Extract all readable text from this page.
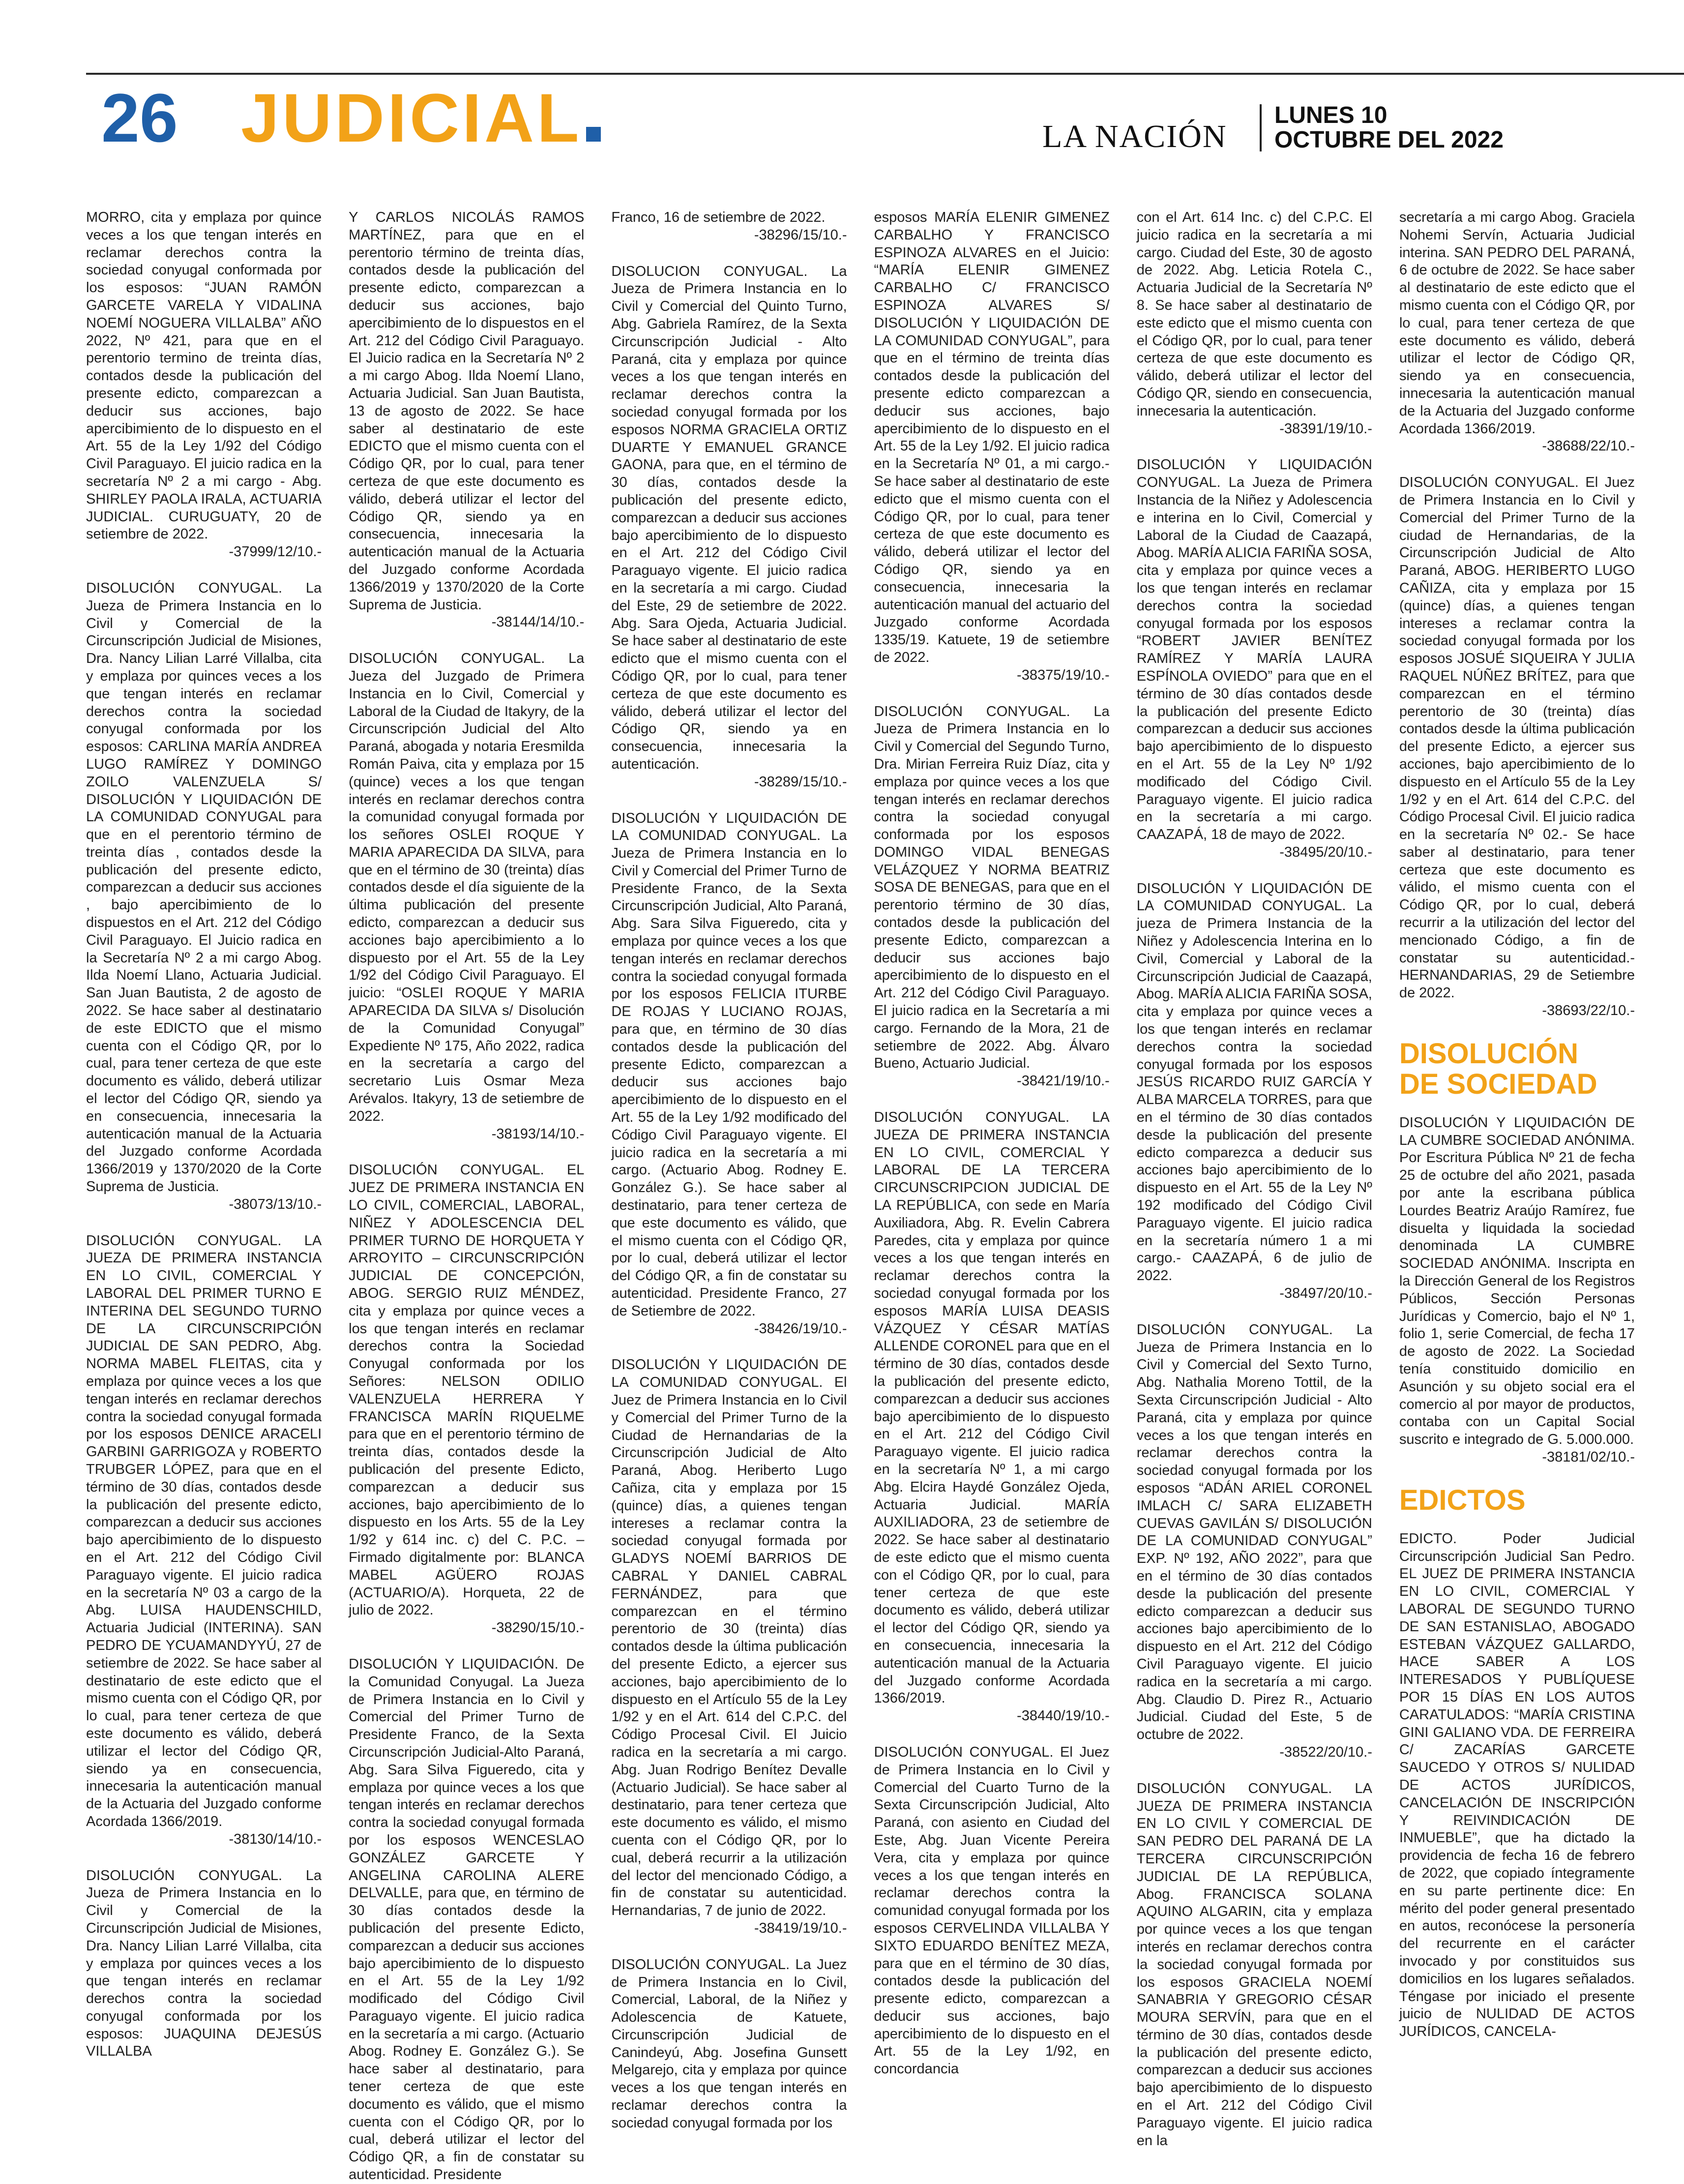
26 JUDICIAL	LA NACIÓN
LUNES 10
OCTUBRE DEL 2022

MORRO, cita y emplaza por quince veces a los que tengan interés en reclamar derechos contra la sociedad conyugal conformada por los esposos: “JUAN RAMÓN GARCETE VARELA Y VIDALINA NOEMÍ NOGUERA VILLALBA” AÑO 2022, Nº 421, para que en el perentorio termino de treinta días, contados desde la publicación del presente edicto, comparezcan a deducir sus acciones, bajo apercibimiento de lo dispuesto en el Art. 55 de la Ley 1/92 del Código Civil Paraguayo. El juicio radica en la secretaría Nº 2 a mi cargo - Abg. SHIRLEY PAOLA IRALA, ACTUARIA JUDICIAL. CURUGUATY, 20 de setiembre de 2022.

-37999/12/10.-

DISOLUCIÓN CONYUGAL. La Jueza de Primera Instancia en lo Civil y Comercial de la Circunscripción Judicial de Misiones, Dra. Nancy Lilian Larré Villalba, cita y emplaza por quinces veces a los que tengan interés en reclamar derechos contra la sociedad conyugal conformada por los esposos: CARLINA MARÍA ANDREA LUGO RAMÍREZ Y DOMINGO ZOILO VALENZUELA S/ DISOLUCIÓN Y LIQUIDACIÓN DE LA COMUNIDAD CONYUGAL para que en el perentorio término de treinta días , contados desde la publicación del presente edicto, comparezcan a deducir sus acciones , bajo apercibimiento de lo dispuestos en el Art. 212 del Código Civil Paraguayo. El Juicio radica en la Secretaría Nº 2 a mi cargo Abog. Ilda Noemí Llano, Actuaria Judicial. San Juan Bautista, 2 de agosto de 2022. Se hace saber al destinatario de este EDICTO que el mismo cuenta con el Código QR, por lo cual, para tener certeza de que este documento es válido, deberá utilizar el lector del Código QR, siendo ya en consecuencia, innecesaria la autenticación manual de la Actuaria del Juzgado conforme Acordada 1366/2019 y 1370/2020 de la Corte Suprema de Justicia.

-38073/13/10.-

DISOLUCIÓN CONYUGAL. LA JUEZA DE PRIMERA INSTANCIA EN LO CIVIL, COMERCIAL Y LABORAL DEL PRIMER TURNO E INTERINA DEL SEGUNDO TURNO DE LA CIRCUNSCRIPCIÓN JUDICIAL DE SAN PEDRO, Abg. NORMA MABEL FLEITAS, cita y emplaza por quince veces a los que tengan interés en reclamar derechos contra la sociedad conyugal formada por los esposos DENICE ARACELI GARBINI GARRIGOZA y ROBERTO TRUBGER LÓPEZ, para que en el término de 30 días, contados desde la publicación del presente edicto, comparezcan a deducir sus acciones bajo apercibimiento de lo dispuesto en el Art. 212 del Código Civil Paraguayo vigente. El juicio radica en la secretaría Nº 03 a cargo de la Abg. LUISA HAUDENSCHILD, Actuaria Judicial (INTERINA). SAN PEDRO DE YCUAMANDYYÚ, 27 de setiembre de 2022. Se hace saber al destinatario de este edicto que el mismo cuenta con el Código QR, por lo cual, para tener certeza de que este documento es válido, deberá utilizar el lector del Código QR, siendo ya en consecuencia, innecesaria la autenticación manual de la Actuaria del Juzgado conforme Acordada 1366/2019.

-38130/14/10.-

DISOLUCIÓN CONYUGAL. La Jueza de Primera Instancia en lo Civil y Comercial de la Circunscripción Judicial de Misiones, Dra. Nancy Lilian Larré Villalba, cita y emplaza por quinces veces a los que tengan interés en reclamar derechos contra la sociedad conyugal conformada por los esposos: JUAQUINA DEJESÚS VILLALBA

Y CARLOS NICOLÁS RAMOS MARTÍNEZ, para que en el perentorio término de treinta días, contados desde la publicación del presente edicto, comparezcan a deducir sus acciones, bajo apercibimiento de lo dispuestos en el Art. 212 del Código Civil Paraguayo. El Juicio radica en la Secretaría Nº 2 a mi cargo Abog. Ilda Noemí Llano, Actuaria Judicial. San Juan Bautista, 13 de agosto de 2022. Se hace saber al destinatario de este EDICTO que el mismo cuenta con el Código QR, por lo cual, para tener certeza de que este documento es válido, deberá utilizar el lector del Código QR, siendo ya en consecuencia, innecesaria la autenticación manual de la Actuaria del Juzgado conforme Acordada 1366/2019 y 1370/2020 de la Corte Suprema de Justicia.

-38144/14/10.-

DISOLUCIÓN CONYUGAL. La Jueza del Juzgado de Primera Instancia en lo Civil, Comercial y Laboral de la Ciudad de Itakyry, de la Circunscripción Judicial del Alto Paraná, abogada y notaria Eresmilda Román Paiva, cita y emplaza por 15 (quince) veces a los que tengan interés en reclamar derechos contra la comunidad conyugal formada por los señores OSLEI ROQUE Y MARIA APARECIDA DA SILVA, para que en el término de 30 (treinta) días contados desde el día siguiente de la última publicación del presente edicto, comparezcan a deducir sus acciones bajo apercibimiento a lo dispuesto por el Art. 55 de la Ley 1/92 del Código Civil Paraguayo. El juicio: “OSLEI ROQUE Y MARIA APARECIDA DA SILVA s/ Disolución de la Comunidad Conyugal” Expediente Nº 175, Año 2022, radica en la secretaría a cargo del secretario Luis Osmar Meza Arévalos. Itakyry, 13 de setiembre de 2022.

-38193/14/10.-

DISOLUCIÓN CONYUGAL. EL JUEZ DE PRIMERA INSTANCIA EN LO CIVIL, COMERCIAL, LABORAL, NIÑEZ Y ADOLESCENCIA DEL PRIMER TURNO DE HORQUETA Y ARROYITO – CIRCUNSCRIPCIÓN JUDICIAL DE CONCEPCIÓN, ABOG. SERGIO RUIZ MÉNDEZ, cita y emplaza por quince veces a los que tengan interés en reclamar derechos contra la Sociedad Conyugal conformada por los Señores: NELSON ODILIO VALENZUELA HERRERA Y FRANCISCA MARÍN RIQUELME para que en el perentorio término de treinta días, contados desde la publicación del presente Edicto, comparezcan a deducir sus acciones, bajo apercibimiento de lo dispuesto en los Arts. 55 de la Ley 1/92 y 614 inc. c) del C. P.C. – Firmado digitalmente por: BLANCA MABEL AGÜERO ROJAS (ACTUARIO/A). Horqueta, 22 de julio de 2022.

-38290/15/10.-

DISOLUCIÓN Y LIQUIDACIÓN. De la Comunidad Conyugal. La Jueza de Primera Instancia en lo Civil y Comercial del Primer Turno de Presidente Franco, de la Sexta Circunscripción Judicial-Alto Paraná, Abg. Sara Silva Figueredo, cita y emplaza por quince veces a los que tengan interés en reclamar derechos contra la sociedad conyugal formada por los esposos WENCESLAO GONZÁLEZ GARCETE Y ANGELINA CAROLINA ALERE DELVALLE, para que, en término de 30 días contados desde la publicación del presente Edicto, comparezcan a deducir sus acciones bajo apercibimiento de lo dispuesto en el Art. 55 de la Ley 1/92 modificado del Código Civil Paraguayo vigente. El juicio radica en la secretaría a mi cargo. (Actuario Abog. Rodney E. González G.). Se hace saber al destinatario, para tener certeza de que este documento es válido, que el mismo cuenta con el Código QR, por lo cual, deberá utilizar el lector del Código QR, a fin de constatar su autenticidad. Presidente

Franco, 16 de setiembre de 2022.

-38296/15/10.-

DISOLUCION CONYUGAL. La Jueza de Primera Instancia en lo Civil y Comercial del Quinto Turno, Abg. Gabriela Ramírez, de la Sexta Circunscripción Judicial - Alto Paraná, cita y emplaza por quince veces a los que tengan interés en reclamar derechos contra la sociedad conyugal formada por los esposos NORMA GRACIELA ORTIZ DUARTE Y EMANUEL GRANCE GAONA, para que, en el término de 30 días, contados desde la publicación del presente edicto, comparezcan a deducir sus acciones bajo apercibimiento de lo dispuesto en el Art. 212 del Código Civil Paraguayo vigente. El juicio radica en la secretaría a mi cargo. Ciudad del Este, 29 de setiembre de 2022. Abg. Sara Ojeda, Actuaria Judicial. Se hace saber al destinatario de este edicto que el mismo cuenta con el Código QR, por lo cual, para tener certeza de que este documento es válido, deberá utilizar el lector del Código QR, siendo ya en consecuencia, innecesaria la autenticación.

-38289/15/10.-

DISOLUCIÓN Y LIQUIDACIÓN DE LA COMUNIDAD CONYUGAL. La Jueza de Primera Instancia en lo Civil y Comercial del Primer Turno de Presidente Franco, de la Sexta Circunscripción Judicial, Alto Paraná, Abg. Sara Silva Figueredo, cita y emplaza por quince veces a los que tengan interés en reclamar derechos contra la sociedad conyugal formada por los esposos FELICIA ITURBE DE ROJAS Y LUCIANO ROJAS, para que, en término de 30 días contados desde la publicación del presente Edicto, comparezcan a deducir sus acciones bajo apercibimiento de lo dispuesto en el Art. 55 de la Ley 1/92 modificado del Código Civil Paraguayo vigente. El juicio radica en la secretaría a mi cargo. (Actuario Abog. Rodney E. González G.). Se hace saber al destinatario, para tener certeza de que este documento es válido, que el mismo cuenta con el Código QR, por lo cual, deberá utilizar el lector del Código QR, a fin de constatar su autenticidad. Presidente Franco, 27 de Setiembre de 2022.

-38426/19/10.-

DISOLUCIÓN Y LIQUIDACIÓN DE LA COMUNIDAD CONYUGAL. El Juez de Primera Instancia en lo Civil y Comercial del Primer Turno de la Ciudad de Hernandarias de la Circunscripción Judicial de Alto Paraná, Abog. Heriberto Lugo Cañiza, cita y emplaza por 15 (quince) días, a quienes tengan intereses a reclamar contra la sociedad conyugal formada por GLADYS NOEMÍ BARRIOS DE CABRAL Y DANIEL CABRAL FERNÁNDEZ, para que comparezcan en el término perentorio de 30 (treinta) días contados desde la última publicación del presente Edicto, a ejercer sus acciones, bajo apercibimiento de lo dispuesto en el Artículo 55 de la Ley 1/92 y en el Art. 614 del C.P.C. del Código Procesal Civil. El Juicio radica en la secretaría a mi cargo. Abg. Juan Rodrigo Benítez Devalle (Actuario Judicial). Se hace saber al destinatario, para tener certeza que este documento es válido, el mismo cuenta con el Código QR, por lo cual, deberá recurrir a la utilización del lector del mencionado Código, a fin de constatar su autenticidad. Hernandarias, 7 de junio de 2022.

-38419/19/10.-

DISOLUCIÓN CONYUGAL. La Juez de Primera Instancia en lo Civil, Comercial, Laboral, de la Niñez y Adolescencia de Katuete, Circunscripción Judicial de Canindeyú, Abg. Josefina Gunsett Melgarejo, cita y emplaza por quince veces a los que tengan interés en reclamar derechos contra la sociedad conyugal formada por los

esposos MARÍA ELENIR GIMENEZ CARBALHO Y FRANCISCO ESPINOZA ALVARES en el Juicio: “MARÍA ELENIR GIMENEZ CARBALHO C/ FRANCISCO ESPINOZA ALVARES S/ DISOLUCIÓN Y LIQUIDACIÓN DE LA COMUNIDAD CONYUGAL”, para que en el término de treinta días contados desde la publicación del presente edicto comparezcan a deducir sus acciones, bajo apercibimiento de lo dispuesto en el Art. 55 de la Ley 1/92. El juicio radica en la Secretaría Nº 01, a mi cargo.- Se hace saber al destinatario de este edicto que el mismo cuenta con el Código QR, por lo cual, para tener certeza de que este documento es válido, deberá utilizar el lector del Código QR, siendo ya en consecuencia, innecesaria la autenticación manual del actuario del Juzgado conforme Acordada 1335/19. Katuete, 19 de setiembre de 2022.

-38375/19/10.-

DISOLUCIÓN CONYUGAL. La Jueza de Primera Instancia en lo Civil y Comercial del Segundo Turno, Dra. Mirian Ferreira Ruiz Díaz, cita y emplaza por quince veces a los que tengan interés en reclamar derechos contra la sociedad conyugal conformada por los esposos DOMINGO VIDAL BENEGAS VELÁZQUEZ Y NORMA BEATRIZ SOSA DE BENEGAS, para que en el perentorio término de 30 días, contados desde la publicación del presente Edicto, comparezcan a deducir sus acciones bajo apercibimiento de lo dispuesto en el Art. 212 del Código Civil Paraguayo. El juicio radica en la Secretaría a mi cargo. Fernando de la Mora, 21 de setiembre de 2022. Abg. Álvaro Bueno, Actuario Judicial.

-38421/19/10.-

DISOLUCIÓN CONYUGAL. LA JUEZA DE PRIMERA INSTANCIA EN LO CIVIL, COMERCIAL Y LABORAL DE LA TERCERA CIRCUNSCRIPCION JUDICIAL DE LA REPÚBLICA, con sede en María Auxiliadora, Abg. R. Evelin Cabrera Paredes, cita y emplaza por quince veces a los que tengan interés en reclamar derechos contra la sociedad conyugal formada por los esposos MARÍA LUISA DEASIS VÁZQUEZ Y CÉSAR MATÍAS ALLENDE CORONEL para que en el término de 30 días, contados desde la publicación del presente edicto, comparezcan a deducir sus acciones bajo apercibimiento de lo dispuesto en el Art. 212 del Código Civil Paraguayo vigente. El juicio radica en la secretaría Nº 1, a mi cargo Abg. Elcira Haydé González Ojeda, Actuaria Judicial. MARÍA AUXILIADORA, 23 de setiembre de 2022. Se hace saber al destinatario de este edicto que el mismo cuenta con el Código QR, por lo cual, para tener certeza de que este documento es válido, deberá utilizar el lector del Código QR, siendo ya en consecuencia, innecesaria la autenticación manual de la Actuaria del Juzgado conforme Acordada 1366/2019.

-38440/19/10.-

DISOLUCIÓN CONYUGAL. El Juez de Primera Instancia en lo Civil y Comercial del Cuarto Turno de la Sexta Circunscripción Judicial, Alto Paraná, con asiento en Ciudad del Este, Abg. Juan Vicente Pereira Vera, cita y emplaza por quince veces a los que tengan interés en reclamar derechos contra la comunidad conyugal formada por los esposos CERVELINDA VILLALBA Y SIXTO EDUARDO BENÍTEZ MEZA, para que en el término de 30 días, contados desde la publicación del presente edicto, comparezcan a deducir sus acciones, bajo apercibimiento de lo dispuesto en el Art. 55 de la Ley 1/92, en concordancia

con el Art. 614 Inc. c) del C.P.C. El juicio radica en la secretaría a mi cargo. Ciudad del Este, 30 de agosto de 2022. Abg. Leticia Rotela C., Actuaria Judicial de la Secretaría Nº 8. Se hace saber al destinatario de este edicto que el mismo cuenta con el Código QR, por lo cual, para tener certeza de que este documento es válido, deberá utilizar el lector del Código QR, siendo en consecuencia, innecesaria la autenticación.

-38391/19/10.-

DISOLUCIÓN Y LIQUIDACIÓN CONYUGAL. La Jueza de Primera Instancia de la Niñez y Adolescencia e interina en lo Civil, Comercial y Laboral de la Ciudad de Caazapá, Abog. MARÍA ALICIA FARIÑA SOSA, cita y emplaza por quince veces a los que tengan interés en reclamar derechos contra la sociedad conyugal formada por los esposos “ROBERT JAVIER BENÍTEZ RAMÍREZ Y MARÍA LAURA ESPÍNOLA OVIEDO” para que en el término de 30 días contados desde la publicación del presente Edicto comparezcan a deducir sus acciones bajo apercibimiento de lo dispuesto en el Art. 55 de la Ley Nº 1/92 modificado del Código Civil. Paraguayo vigente. El juicio radica en la secretaría a mi cargo. CAAZAPÁ, 18 de mayo de 2022.

-38495/20/10.-

DISOLUCIÓN Y LIQUIDACIÓN DE LA COMUNIDAD CONYUGAL. La jueza de Primera Instancia de la Niñez y Adolescencia Interina en lo Civil, Comercial y Laboral de la Circunscripción Judicial de Caazapá, Abog. MARÍA ALICIA FARIÑA SOSA, cita y emplaza por quince veces a los que tengan interés en reclamar derechos contra la sociedad conyugal formada por los esposos JESÚS RICARDO RUIZ GARCÍA Y ALBA MARCELA TORRES, para que en el término de 30 días contados desde la publicación del presente edicto comparezca a deducir sus acciones bajo apercibimiento de lo dispuesto en el Art. 55 de la Ley Nº 192 modificado del Código Civil Paraguayo vigente. El juicio radica en la secretaría número 1 a mi cargo.- CAAZAPÁ, 6 de julio de 2022.

-38497/20/10.-

DISOLUCIÓN CONYUGAL. La Jueza de Primera Instancia en lo Civil y Comercial del Sexto Turno, Abg. Nathalia Moreno Tottil, de la Sexta Circunscripción Judicial - Alto Paraná, cita y emplaza por quince veces a los que tengan interés en reclamar derechos contra la sociedad conyugal formada por los esposos “ADÁN ARIEL CORONEL IMLACH C/ SARA ELIZABETH CUEVAS GAVILÁN S/ DISOLUCIÓN DE LA COMUNIDAD CONYUGAL” EXP. Nº 192, AÑO 2022”, para que en el término de 30 días contados desde la publicación del presente edicto comparezcan a deducir sus acciones bajo apercibimiento de lo dispuesto en el Art. 212 del Código Civil Paraguayo vigente. El juicio radica en la secretaría a mi cargo. Abg. Claudio D. Pirez R., Actuario Judicial. Ciudad del Este, 5 de octubre de 2022.

-38522/20/10.-

DISOLUCIÓN CONYUGAL. LA JUEZA DE PRIMERA INSTANCIA EN LO CIVIL Y COMERCIAL DE SAN PEDRO DEL PARANÁ DE LA TERCERA CIRCUNSCRIPCIÓN JUDICIAL DE LA REPÚBLICA, Abog. FRANCISCA SOLANA AQUINO ALGARIN, cita y emplaza por quince veces a los que tengan interés en reclamar derechos contra la sociedad conyugal formada por los esposos GRACIELA NOEMÍ SANABRIA Y GREGORIO CÉSAR MOURA SERVÍN, para que en el término de 30 días, contados desde la publicación del presente edicto, comparezcan a deducir sus acciones bajo apercibimiento de lo dispuesto en el Art. 212 del Código Civil Paraguayo vigente. El juicio radica en la

secretaría a mi cargo Abog. Graciela Nohemi Servín, Actuaria Judicial interina. SAN PEDRO DEL PARANÁ, 6 de octubre de 2022. Se hace saber al destinatario de este edicto que el mismo cuenta con el Código QR, por lo cual, para tener certeza de que este documento es válido, deberá utilizar el lector de Código QR, siendo ya en consecuencia, innecesaria la autenticación manual de la Actuaria del Juzgado conforme Acordada 1366/2019.

-38688/22/10.-

DISOLUCIÓN CONYUGAL. El Juez de Primera Instancia en lo Civil y Comercial del Primer Turno de la ciudad de Hernandarias, de la Circunscripción Judicial de Alto Paraná, ABOG. HERIBERTO LUGO CAÑIZA, cita y emplaza por 15 (quince) días, a quienes tengan intereses a reclamar contra la sociedad conyugal formada por los esposos JOSUÉ SIQUEIRA Y JULIA RAQUEL NÚÑEZ BRÍTEZ, para que comparezcan en el término perentorio de 30 (treinta) días contados desde la última publicación del presente Edicto, a ejercer sus acciones, bajo apercibimiento de lo dispuesto en el Artículo 55 de la Ley 1/92 y en el Art. 614 del C.P.C. del Código Procesal Civil. El juicio radica en la secretaría Nº 02.- Se hace saber al destinatario, para tener certeza que este documento es válido, el mismo cuenta con el Código QR, por lo cual, deberá recurrir a la utilización del lector del mencionado Código, a fin de constatar su autenticidad.- HERNANDARIAS, 29 de Setiembre de 2022.

-38693/22/10.-

DISOLUCIÓN
DE SOCIEDAD

DISOLUCIÓN Y LIQUIDACIÓN DE LA CUMBRE SOCIEDAD ANÓNIMA. Por Escritura Pública Nº 21 de fecha 25 de octubre del año 2021, pasada por ante la escribana pública Lourdes Beatriz Araújo Ramírez, fue disuelta y liquidada la sociedad denominada LA CUMBRE SOCIEDAD ANÓNIMA. Inscripta en la Dirección General de los Registros Públicos, Sección Personas Jurídicas y Comercio, bajo el Nº 1, folio 1, serie Comercial, de fecha 17 de agosto de 2022. La Sociedad tenía constituido domicilio en Asunción y su objeto social era el comercio al por mayor de productos, contaba con un Capital Social suscrito e integrado de G. 5.000.000.

-38181/02/10.-

EDICTOS

EDICTO. Poder Judicial Circunscripción Judicial San Pedro. EL JUEZ DE PRIMERA INSTANCIA EN LO CIVIL, COMERCIAL Y LABORAL DE SEGUNDO TURNO DE SAN ESTANISLAO, ABOGADO ESTEBAN VÁZQUEZ GALLARDO, HACE SABER A LOS INTERESADOS Y PUBLÍQUESE POR 15 DÍAS EN LOS AUTOS CARATULADOS: “MARÍA CRISTINA GINI GALIANO VDA. DE FERREIRA C/ ZACARÍAS GARCETE SAUCEDO Y OTROS S/ NULIDAD DE ACTOS JURÍDICOS, CANCELACIÓN DE INSCRIPCIÓN Y REIVINDICACIÓN DE INMUEBLE”, que ha dictado la providencia de fecha 16 de febrero de 2022, que copiado íntegramente en su parte pertinente dice: En mérito del poder general presentado en autos, reconócese la personería del recurrente en el carácter invocado y por constituidos sus domicilios en los lugares señalados. Téngase por iniciado el presente juicio de NULIDAD DE ACTOS JURÍDICOS, CANCELA-
